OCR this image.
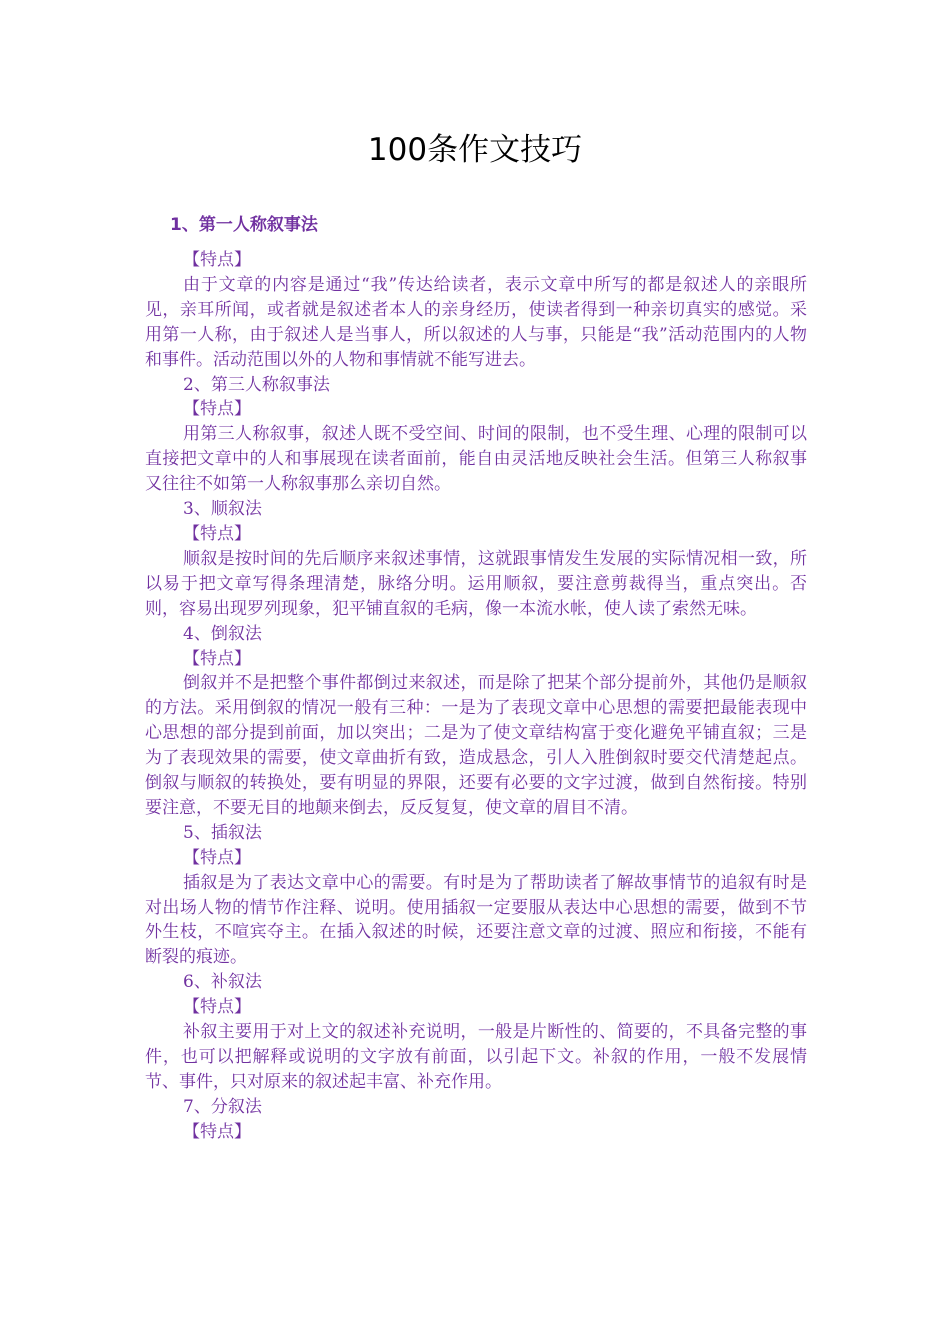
100条作文技巧
1、第一人称叙事法

【特点】

由于文章的内容是通过“我”传达给读者，表示文章中所写的都是叙述人的亲眼所见，亲耳所闻，或者就是叙述者本人的亲身经历，使读者得到一种亲切真实的感觉。采用第一人称，由于叙述人是当事人，所以叙述的人与事，只能是“我”活动范围内的人物和事件。活动范围以外的人物和事情就不能写进去。

2、第三人称叙事法

【特点】

用第三人称叙事，叙述人既不受空间、时间的限制，也不受生理、心理的限制可以直接把文章中的人和事展现在读者面前，能自由灵活地反映社会生活。但第三人称叙事又往往不如第一人称叙事那么亲切自然。

3、顺叙法

【特点】

顺叙是按时间的先后顺序来叙述事情，这就跟事情发生发展的实际情况相一致，所以易于把文章写得条理清楚，脉络分明。运用顺叙，要注意剪裁得当，重点突出。否则，容易出现罗列现象，犯平铺直叙的毛病，像一本流水帐，使人读了索然无味。

4、倒叙法

【特点】

倒叙并不是把整个事件都倒过来叙述，而是除了把某个部分提前外，其他仍是顺叙的方法。采用倒叙的情况一般有三种：一是为了表现文章中心思想的需要把最能表现中心思想的部分提到前面，加以突出；二是为了使文章结构富于变化避免平铺直叙；三是为了表现效果的需要，使文章曲折有致，造成悬念，引人入胜倒叙时要交代清楚起点。倒叙与顺叙的转换处，要有明显的界限，还要有必要的文字过渡，做到自然衔接。特别要注意，不要无目的地颠来倒去，反反复复，使文章的眉目不清。

5、插叙法

【特点】

插叙是为了表达文章中心的需要。有时是为了帮助读者了解故事情节的追叙有时是对出场人物的情节作注释、说明。使用插叙一定要服从表达中心思想的需要，做到不节外生枝，不喧宾夺主。在插入叙述的时候，还要注意文章的过渡、照应和衔接，不能有断裂的痕迹。

6、补叙法

【特点】

补叙主要用于对上文的叙述补充说明，一般是片断性的、简要的，不具备完整的事件，也可以把解释或说明的文字放有前面，以引起下文。补叙的作用，一般不发展情节、事件，只对原来的叙述起丰富、补充作用。

7、分叙法

【特点】
